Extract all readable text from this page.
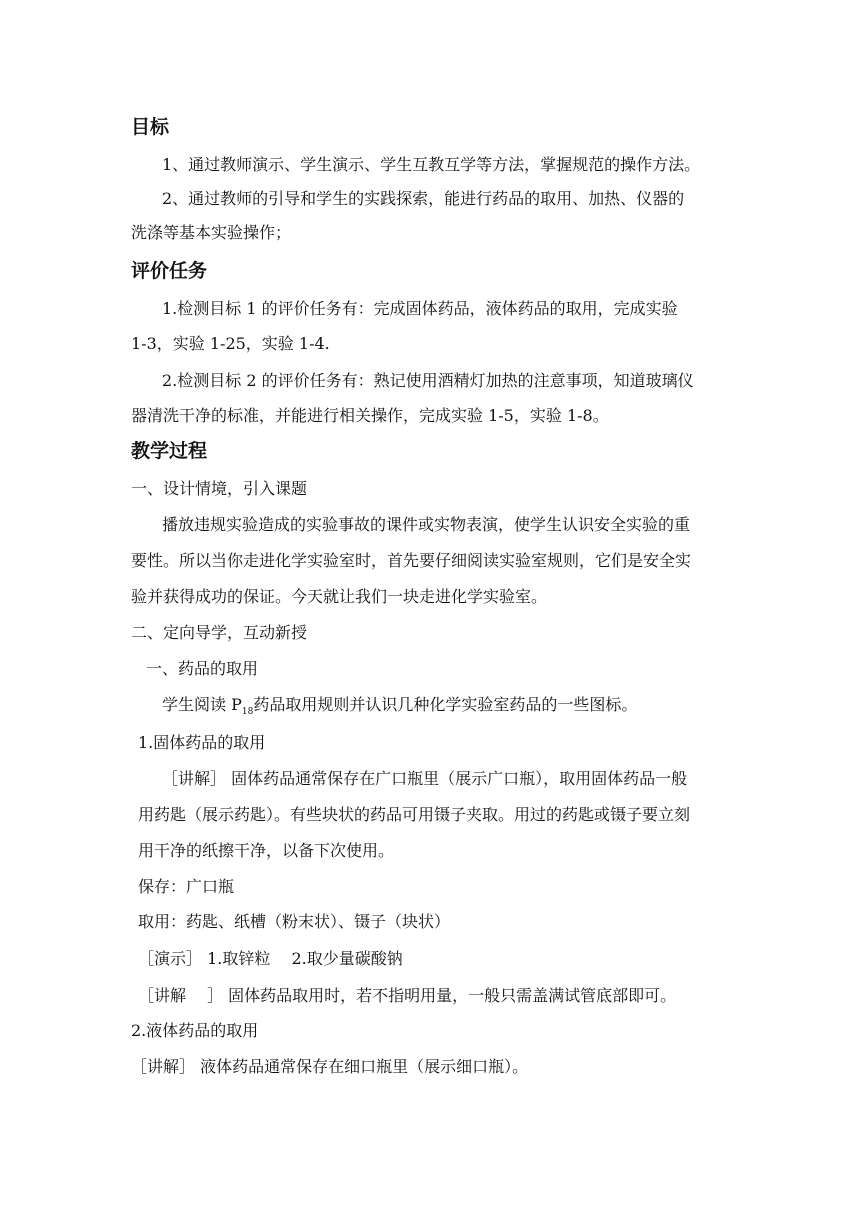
目标
1、通过教师演示、学生演示、学生互教互学等方法，掌握规范的操作方法。
2、通过教师的引导和学生的实践探索，能进行药品的取用、加热、仪器的
洗涤等基本实验操作；
评价任务
1.检测目标 1 的评价任务有：完成固体药品，液体药品的取用，完成实验
1-3，实验 1-25，实验 1-4.
2.检测目标 2 的评价任务有：熟记使用酒精灯加热的注意事项，知道玻璃仪
器清洗干净的标准，并能进行相关操作，完成实验 1-5，实验 1-8。
教学过程
一、设计情境，引入课题
播放违规实验造成的实验事故的课件或实物表演，使学生认识安全实验的重
要性。所以当你走进化学实验室时，首先要仔细阅读实验室规则，它们是安全实
验并获得成功的保证。今天就让我们一块走进化学实验室。
二、定向导学，互动新授
一、药品的取用
学生阅读 $P_{18}$药品取用规则并认识几种化学实验室药品的一些图标。
1.固体药品的取用
［讲解］ 固体药品通常保存在广口瓶里（展示广口瓶），取用固体药品一般
用药匙（展示药匙）。有些块状的药品可用镊子夹取。用过的药匙或镊子要立刻
用干净的纸擦干净，以备下次使用。
保存：广口瓶
取用：药匙、纸槽（粉末状）、镊子（块状）
［演示］ 1.取锌粒 　2.取少量碳酸钠
［讲解　 ］ 固体药品取用时，若不指明用量，一般只需盖满试管底部即可。
2.液体药品的取用
［讲解］ 液体药品通常保存在细口瓶里（展示细口瓶）。
